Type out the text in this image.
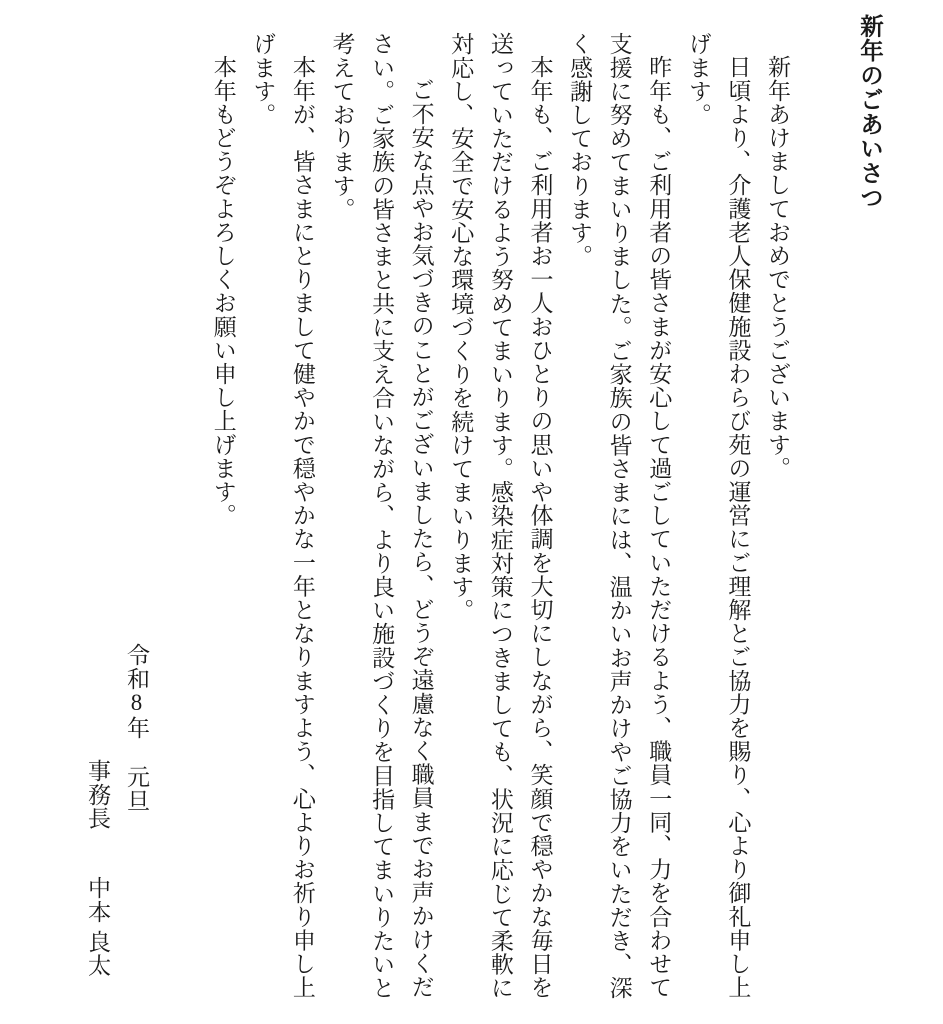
新年のごあいさつ

新年あけましておめでとうございます。

日頃より、介護老人保健施設わらび苑の運営にご理解とご協力を賜り、心より御礼申し上げます。

昨年も、ご利用者の皆さまが安心して過ごしていただけるよう、職員一同、力を合わせて支援に努めてまいりました。ご家族の皆さまには、温かいお声かけやご協力をいただき、深く感謝しております。

本年も、ご利用者お一人おひとりの思いや体調を大切にしながら、笑顔で穏やかな毎日を送っていただけるよう努めてまいります。感染症対策につきましても、状況に応じて柔軟に対応し、安全で安心な環境づくりを続けてまいります。

ご不安な点やお気づきのことがございましたら、どうぞ遠慮なく職員までお声かけください。ご家族の皆さまと共に支え合いながら、より良い施設づくりを目指してまいりたいと考えております。

本年が、皆さまにとりまして健やかで穏やかな一年となりますよう、心よりお祈り申し上げます。

本年もどうぞよろしくお願い申し上げます。

令和8年 元旦
事務長中本 良太
